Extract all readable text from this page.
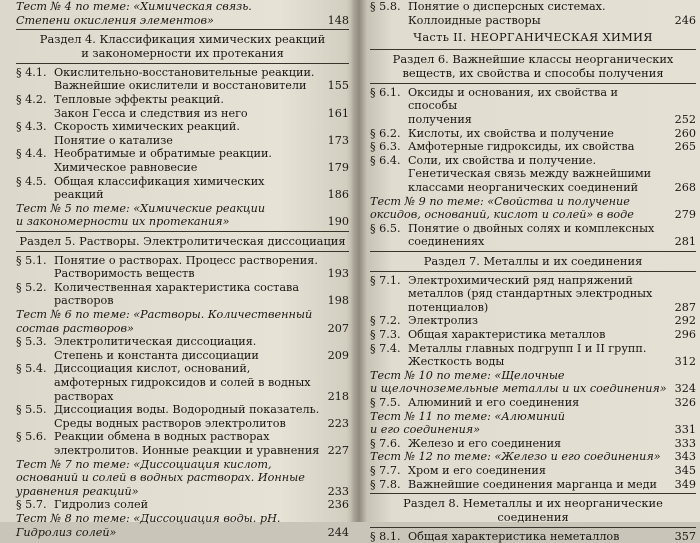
Тест № 4 по теме: «Химическая связь.
Степени окисления элементов»	148
Раздел 4. Классификация химических реакций
и закономерности их протекания
§ 4.1. Окислительно-восстановительные реакции.
Важнейшие окислители и восстановители 155
§ 4.2. Тепловые эффекты реакций.
Закон Гесса и следствия из него	161
§ 4.3. Скорость химических реакций.
Понятие о катализе	173
§ 4.4. Необратимые и обратимые реакции.
Химическое равновесие	179
§ 4.5. Общая классификация химических
реакций	186
Тест № 5 по теме: «Химические реакции
и закономерности их протекания»	190
Раздел 5. Растворы. Электролитическая диссоциация
§ 5.1. Понятие о растворах. Процесс растворения.
Растворимость веществ	193
§ 5.2. Количественная характеристика состава
растворов	198
Тест № 6 по теме: «Растворы. Количественный
состав растворов»	207
§ 5.3. Электролитическая диссоциация.
Степень и константа диссоциации	209
§ 5.4. Диссоциация кислот, оснований,
амфотерных гидроксидов и солей в водных
растворах	218
§ 5.5. Диссоциация воды. Водородный показатель.
Среды водных растворов электролитов	223
§ 5.6. Реакции обмена в водных растворах
электролитов. Ионные реакции и уравнения 227
Тест № 7 по теме: «Диссоциация кислот,
оснований и солей в водных растворах. Ионные
уравнения реакций»	233
§ 5.7. Гидролиз солей	236
Тест № 8 по теме: «Диссоциация воды. pH.
Гидролиз солей»	244
§ 5.8. Понятие о дисперсных системах.
Коллоидные растворы	246
Часть II. НЕОРГАНИЧЕСКАЯ ХИМИЯ
Раздел 6. Важнейшие классы неорганических
веществ, их свойства и способы получения
§ 6.1. Оксиды и основания, их свойства и способы
получения	252
§ 6.2. Кислоты, их свойства и получение	260
§ 6.3. Амфотерные гидроксиды, их свойства	265
§ 6.4. Соли, их свойства и получение.
Генетическая связь между важнейшими
классами неорганических соединений	268
Тест № 9 по теме: «Свойства и получение
оксидов, оснований, кислот и солей» в воде	279
§ 6.5. Понятие о двойных солях и комплексных
соединениях	281
Раздел 7. Металлы и их соединения
§ 7.1. Электрохимический ряд напряжений
металлов (ряд стандартных электродных
потенциалов)	287
§ 7.2. Электролиз	292
§ 7.3. Общая характеристика металлов	296
§ 7.4. Металлы главных подгрупп I и II групп.
Жесткость воды	312
Тест № 10 по теме: «Щелочные
и щелочноземельные металлы и их соединения» 324
§ 7.5. Алюминий и его соединения	326
Тест № 11 по теме: «Алюминий
и его соединения»	331
§ 7.6. Железо и его соединения	333
Тест № 12 по теме: «Железо и его соединения» 343
§ 7.7. Хром и его соединения	345
§ 7.8. Важнейшие соединения марганца и меди 349
Раздел 8. Неметаллы и их неорганические
соединения
§ 8.1. Общая характеристика неметаллов	357
